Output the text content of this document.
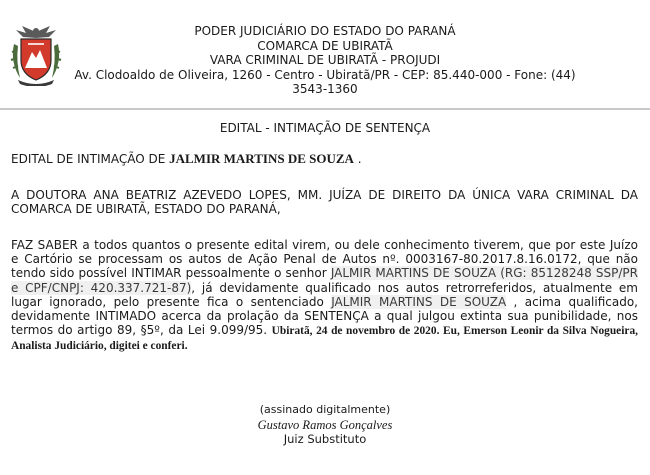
PODER JUDICIÁRIO DO ESTADO DO PARANÁ
COMARCA DE UBIRATÃ
VARA CRIMINAL DE UBIRATÃ - PROJUDI
Av. Clodoaldo de Oliveira, 1260 - Centro - Ubiratã/PR - CEP: 85.440-000 - Fone: (44)
3543-1360
EDITAL - INTIMAÇÃO DE SENTENÇA
EDITAL DE INTIMAÇÃO DE JALMIR MARTINS DE SOUZA .
A DOUTORA ANA BEATRIZ AZEVEDO LOPES, MM. JUÍZA DE DIREITO DA ÚNICA VARA CRIMINAL DA COMARCA DE UBIRATÃ, ESTADO DO PARANÁ,
FAZ SABER a todos quantos o presente edital virem, ou dele conhecimento tiverem, que por este Juízo e Cartório se processam os autos de Ação Penal de Autos nº. 0003167-80.2017.8.16.0172, que não tendo sido possível INTIMAR pessoalmente o senhor JALMIR MARTINS DE SOUZA (RG: 85128248 SSP/PR e CPF/CNPJ: 420.337.721-87), já devidamente qualificado nos autos retrorreferidos, atualmente em lugar ignorado, pelo presente fica o sentenciado JALMIR MARTINS DE SOUZA , acima qualificado, devidamente INTIMADO acerca da prolação da SENTENÇA a qual julgou extinta sua punibilidade, nos termos do artigo 89, §5º, da Lei 9.099/95. Ubiratã, 24 de novembro de 2020. Eu, Emerson Leonir da Silva Nogueira, Analista Judiciário, digitei e conferi.
(assinado digitalmente)
Gustavo Ramos Gonçalves
Juiz Substituto
